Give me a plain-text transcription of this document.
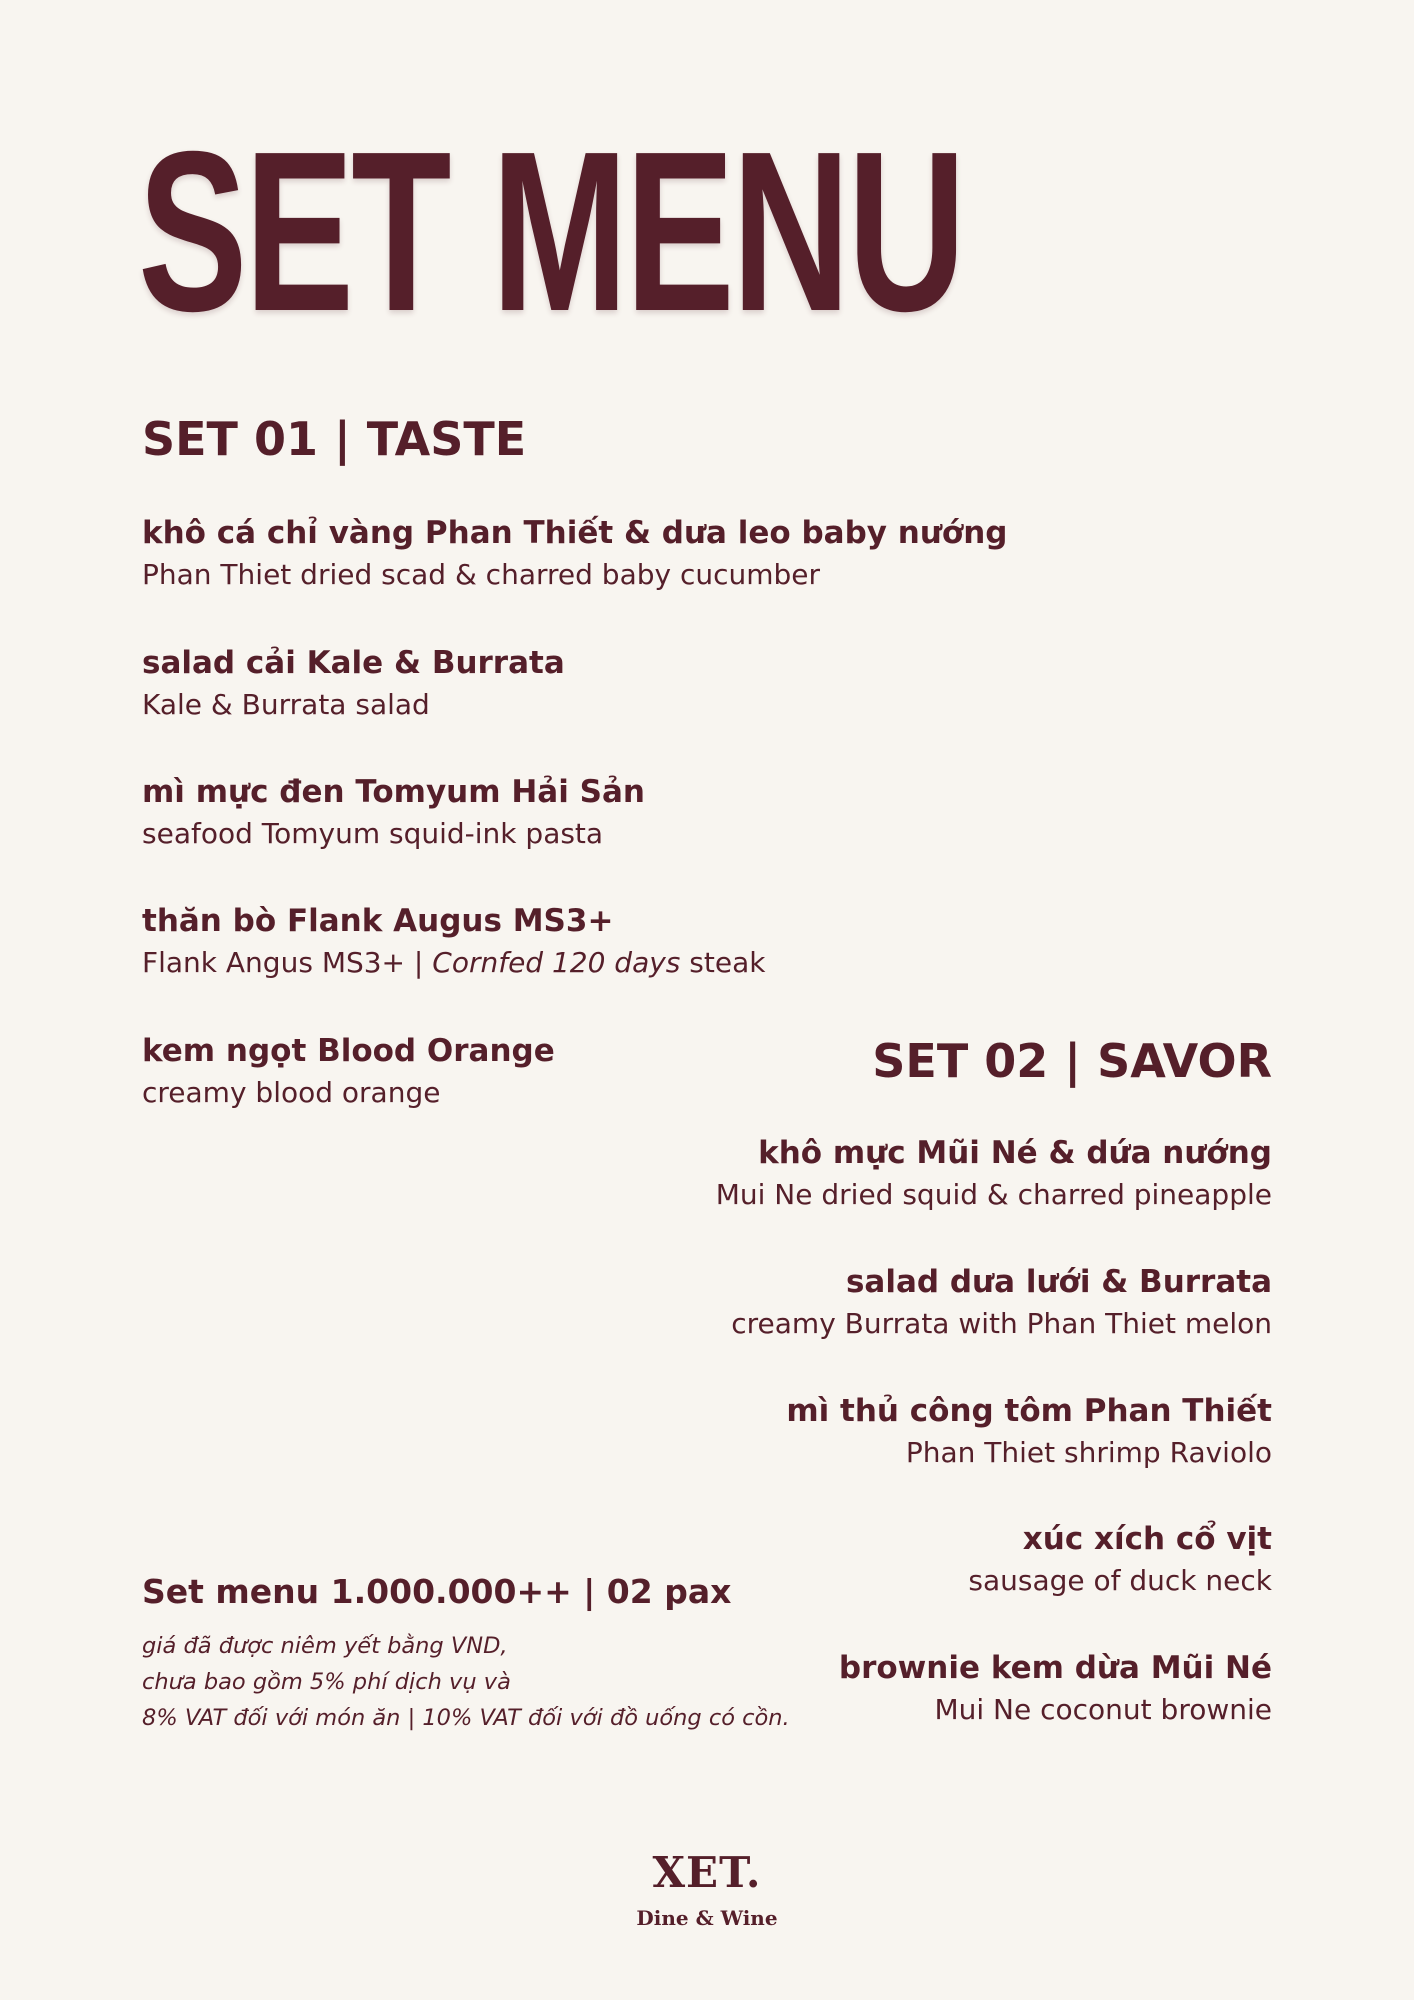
SET MENU
SET 01 | TASTE
khô cá chỉ vàng Phan Thiết & dưa leo baby nướng
Phan Thiet dried scad & charred baby cucumber
salad cải Kale & Burrata
Kale & Burrata salad
mì mực đen Tomyum Hải Sản
seafood Tomyum squid-ink pasta
thăn bò Flank Augus MS3+
Flank Angus MS3+ | Cornfed 120 days steak
kem ngọt Blood Orange
creamy blood orange
SET 02 | SAVOR
khô mực Mũi Né & dứa nướng
Mui Ne dried squid & charred pineapple
salad dưa lưới & Burrata
creamy Burrata with Phan Thiet melon
mì thủ công tôm Phan Thiết
Phan Thiet shrimp Raviolo
xúc xích cổ vịt
sausage of duck neck
brownie kem dừa Mũi Né
Mui Ne coconut brownie
Set menu 1.000.000++ | 02 pax
giá đã được niêm yết bằng VND,
chưa bao gồm 5% phí dịch vụ và
8% VAT đối với món ăn | 10% VAT đối với đồ uống có cồn.
XET.
Dine & Wine
